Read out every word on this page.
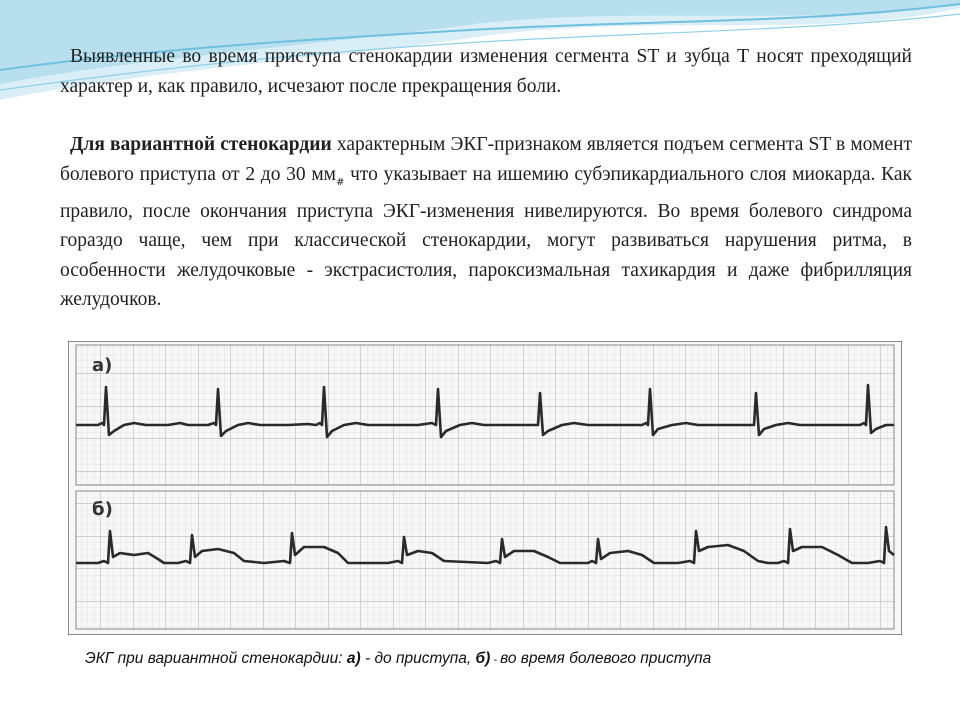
Выявленные во время приступа стенокардии изменения сегмента ST и зубца Т носят преходящий характер и, как правило, исчезают после прекращения боли.

Для вариантной стенокардии характерным ЭКГ-признаком является подъем сегмента ST в момент болевого приступа от 2 до 30 $мм_{\#}$ что указывает на ишемию субэпикардиального слоя миокарда. Как правило, после окончания приступа ЭКГ-изменения нивелируются. Во время болевого синдрома гораздо чаще, чем при классической стенокардии, могут развиваться нарушения ритма, в особенности желудочковые - экстрасистолия, пароксизмальная тахикардия и даже фибрилляция желудочков.

а)
б)
ЭКГ при вариантной стенокардии: а) - до приступа, б) - во время болевого приступа
